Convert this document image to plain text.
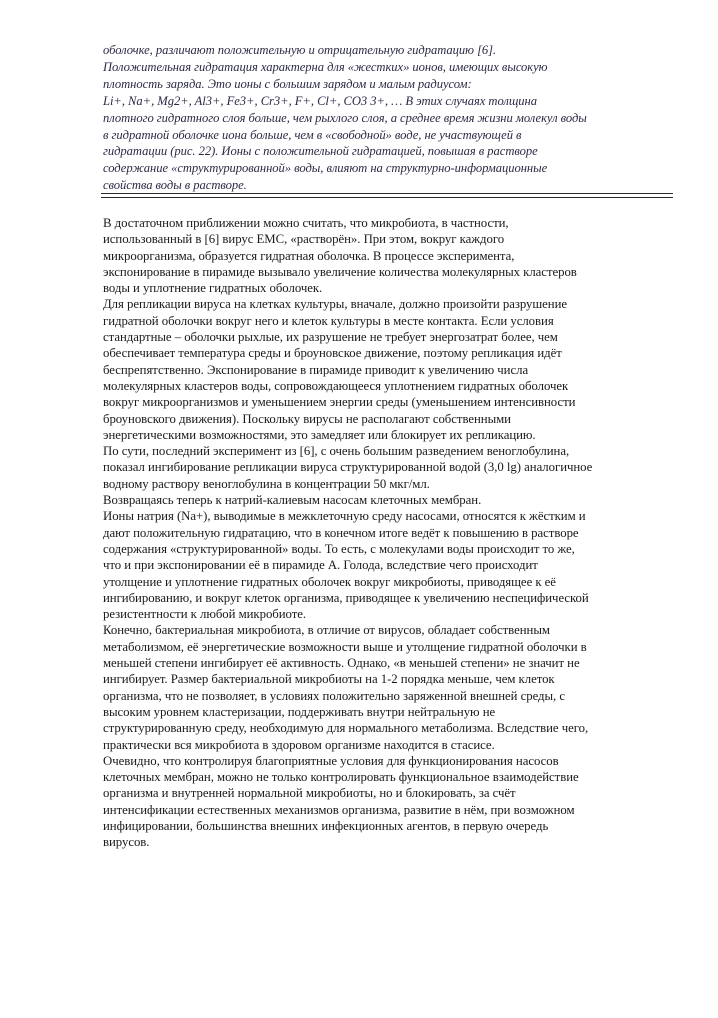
оболочке, различают положительную и отрицательную гидратацию [6].
Положительная гидратация характерна для «жестких» ионов, имеющих высокую
плотность заряда. Это ионы с большим зарядом и малым радиусом:
Li+, Na+, Mg2+, Al3+, Fe3+, Cr3+, F+, Cl+, CO3 3+, … В этих случаях толщина
плотного гидратного слоя больше, чем рыхлого слоя, а среднее время жизни молекул воды
в гидратной оболочке иона больше, чем в «свободной» воде, не участвующей в
гидратации (рис. 22). Ионы с положительной гидратацией, повышая в растворе
содержание «структурированной» воды, влияют на структурно-информационные
свойства воды в растворе.
В достаточном приближении можно считать, что микробиота, в частности,
использованный в [6] вирус ЕМС, «растворён». При этом, вокруг каждого
микроорганизма, образуется гидратная оболочка. В процессе эксперимента,
экспонирование в пирамиде вызывало увеличение количества молекулярных кластеров
воды и уплотнение гидратных оболочек.
Для репликации вируса на клетках культуры, вначале, должно произойти разрушение
гидратной оболочки вокруг него и клеток культуры в месте контакта. Если условия
стандартные – оболочки рыхлые, их разрушение не требует энергозатрат более, чем
обеспечивает температура среды и броуновское движение, поэтому репликация идёт
беспрепятственно. Экспонирование в пирамиде приводит к увеличению числа
молекулярных кластеров воды, сопровождающееся уплотнением гидратных оболочек
вокруг микроорганизмов и уменьшением энергии среды (уменьшением интенсивности
броуновского движения). Поскольку вирусы не располагают собственными
энергетическими возможностями, это замедляет или блокирует их репликацию.
По сути, последний эксперимент из [6], с очень большим разведением веноглобулина,
показал ингибирование репликации вируса структурированной водой (3,0 lg) аналогичное
водному раствору веноглобулина в концентрации 50 мкг/мл.
Возвращаясь теперь к натрий-калиевым насосам клеточных мембран.
Ионы натрия (Na+), выводимые в межклеточную среду насосами, относятся к жёстким и
дают положительную гидратацию, что в конечном итоге ведёт к повышению в растворе
содержания «структурированной» воды. То есть, с молекулами воды происходит то же,
что и при экспонировании её в пирамиде А. Голода, вследствие чего происходит
утолщение и уплотнение гидратных оболочек вокруг микробиоты, приводящее к её
ингибированию, и вокруг клеток организма, приводящее к увеличению неспецифической
резистентности к любой микробиоте.
Конечно, бактериальная микробиота, в отличие от вирусов, обладает собственным
метаболизмом, её энергетические возможности выше и утолщение гидратной оболочки в
меньшей степени ингибирует её активность. Однако, «в меньшей степени» не значит не
ингибирует. Размер бактериальной микробиоты на 1-2 порядка меньше, чем клеток
организма, что не позволяет, в условиях положительно заряженной внешней среды, с
высоким уровнем кластеризации, поддерживать внутри нейтральную не
структурированную среду, необходимую для нормального метаболизма. Вследствие чего,
практически вся микробиота в здоровом организме находится в стасисе.
Очевидно, что контролируя благоприятные условия для функционирования насосов
клеточных мембран, можно не только контролировать функциональное взаимодействие
организма и внутренней нормальной микробиоты, но и блокировать, за счёт
интенсификации естественных механизмов организма, развитие в нём, при возможном
инфицировании, большинства внешних инфекционных агентов, в первую очередь
вирусов.
